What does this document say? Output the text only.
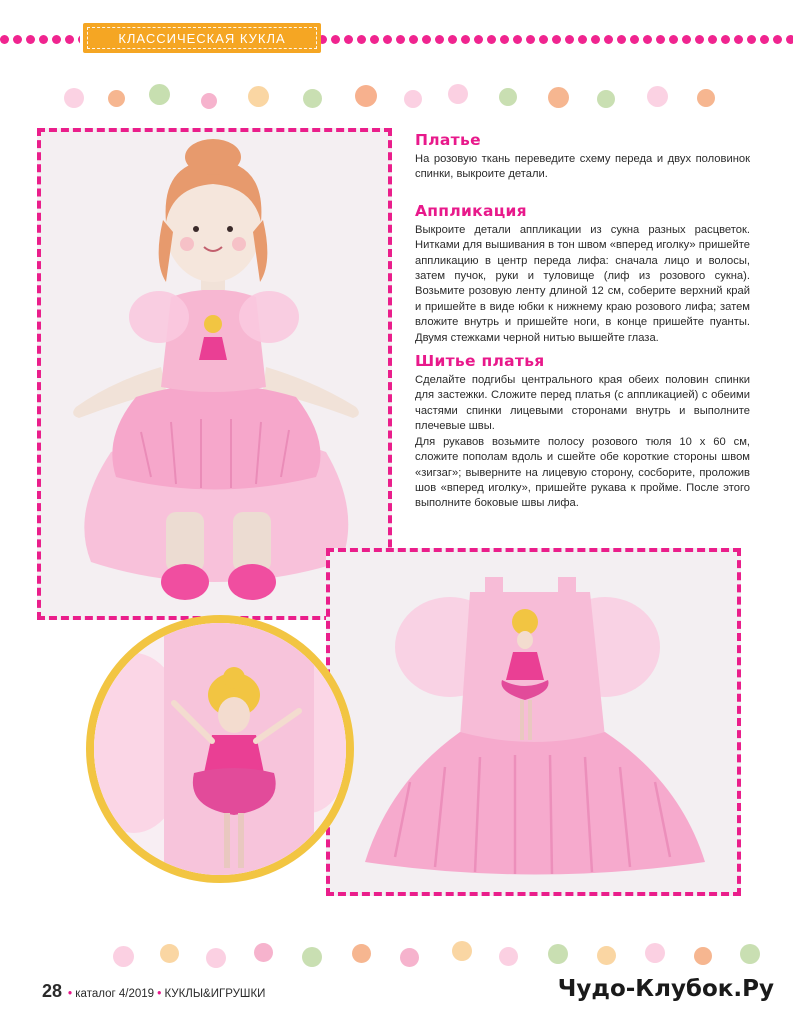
КЛАССИЧЕСКАЯ КУКЛА
Платье

На розовую ткань переведите схему переда и двух половинок спинки, выкроите детали.

Аппликация

Выкроите детали аппликации из сукна разных расцветок. Нитками для вышивания в тон швом «вперед иголку» пришейте аппликацию в центр переда лифа: сначала лицо и волосы, затем пучок, руки и туловище (лиф из розового сукна). Возьмите розовую ленту длиной 12 см, соберите верхний край и пришейте в виде юбки к нижнему краю розового лифа; затем вложите внутрь и пришейте ноги, в конце пришейте пуанты. Двумя стежками черной нитью вышейте глаза.

Шитье платья

Сделайте подгибы центрального края обеих половин спинки для застежки. Сложите перед платья (с аппликацией) с обеими частями спинки лицевыми сторонами внутрь и выполните плечевые швы.

Для рукавов возьмите полосу розового тюля 10 х 60 см, сложите пополам вдоль и сшейте обе короткие стороны швом «зигзаг»; выверните на лицевую сторону, сосборите, проложив шов «вперед иголку», пришейте рукава к пройме. После этого выполните боковые швы лифа.

28 • каталог 4/2019 • КУКЛЫ&ИГРУШКИ	Чудо-Клубок.Ру
